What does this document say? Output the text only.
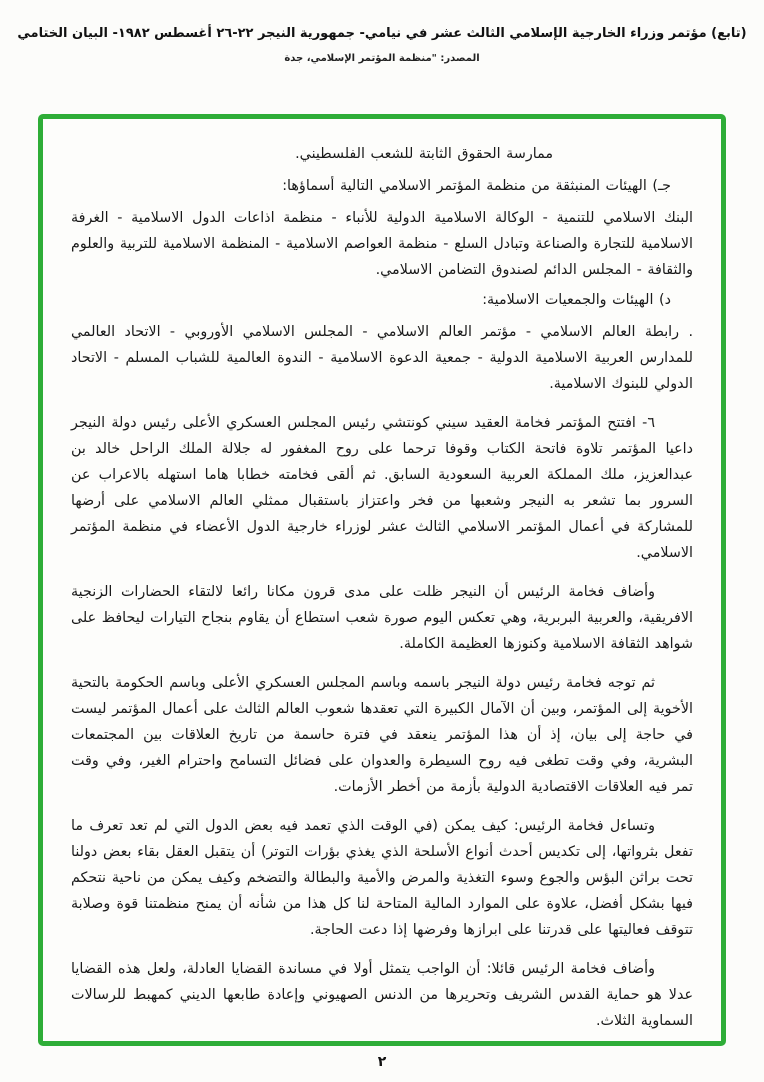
(تابع) مؤتمر وزراء الخارجية الإسلامي الثالث عشر في نيامي- جمهورية النيجر ٢٢-٢٦ أغسطس ١٩٨٢- البيان الختامي
المصدر: "منظمة المؤتمر الإسلامي، جدة

ممارسة الحقوق الثابتة للشعب الفلسطيني.

جـ) الهيئات المنبثقة من منظمة المؤتمر الاسلامي التالية أسماؤها:

البنك الاسلامي للتنمية - الوكالة الاسلامية الدولية للأنباء - منظمة اذاعات الدول الاسلامية - الغرفة الاسلامية للتجارة والصناعة وتبادل السلع - منظمة العواصم الاسلامية - المنظمة الاسلامية للتربية والعلوم والثقافة - المجلس الدائم لصندوق التضامن الاسلامي.

د) الهيئات والجمعيات الاسلامية:

. رابطة العالم الاسلامي - مؤتمر العالم الاسلامي - المجلس الاسلامي الأوروبي - الاتحاد العالمي للمدارس العربية الاسلامية الدولية - جمعية الدعوة الاسلامية - الندوة العالمية للشباب المسلم - الاتحاد الدولي للبنوك الاسلامية.

٦- افتتح المؤتمر فخامة العقيد سيني كونتشي رئيس المجلس العسكري الأعلى رئيس دولة النيجر داعيا المؤتمر تلاوة فاتحة الكتاب وقوفا ترحما على روح المغفور له جلالة الملك الراحل خالد بن عبدالعزيز، ملك المملكة العربية السعودية السابق. ثم ألقى فخامته خطابا هاما استهله بالاعراب عن السرور بما تشعر به النيجر وشعبها من فخر واعتزاز باستقبال ممثلي العالم الاسلامي على أرضها للمشاركة في أعمال المؤتمر الاسلامي الثالث عشر لوزراء خارجية الدول الأعضاء في منظمة المؤتمر الاسلامي.

وأضاف فخامة الرئيس أن النيجر ظلت على مدى قرون مكانا رائعا لالتقاء الحضارات الزنجية الافريقية، والعربية البربرية، وهي تعكس اليوم صورة شعب استطاع أن يقاوم بنجاح التيارات ليحافظ على شواهد الثقافة الاسلامية وكنوزها العظيمة الكاملة.

ثم توجه فخامة رئيس دولة النيجر باسمه وباسم المجلس العسكري الأعلى وباسم الحكومة بالتحية الأخوية إلى المؤتمر، وبين أن الآمال الكبيرة التي تعقدها شعوب العالم الثالث على أعمال المؤتمر ليست في حاجة إلى بيان، إذ أن هذا المؤتمر ينعقد في فترة حاسمة من تاريخ العلاقات بين المجتمعات البشرية، وفي وقت تطغى فيه روح السيطرة والعدوان على فضائل التسامح واحترام الغير، وفي وقت تمر فيه العلاقات الاقتصادية الدولية بأزمة من أخطر الأزمات.

وتساءل فخامة الرئيس: كيف يمكن (في الوقت الذي تعمد فيه بعض الدول التي لم تعد تعرف ما تفعل بثرواتها، إلى تكديس أحدث أنواع الأسلحة الذي يغذي بؤرات التوتر) أن يتقبل العقل بقاء بعض دولنا تحت براثن البؤس والجوع وسوء التغذية والمرض والأمية والبطالة والتضخم وكيف يمكن من ناحية نتحكم فيها بشكل أفضل، علاوة على الموارد المالية المتاحة لنا كل هذا من شأنه أن يمنح منظمتنا قوة وصلابة تتوقف فعاليتها على قدرتنا على ابرازها وفرضها إذا دعت الحاجة.

وأضاف فخامة الرئيس قائلا: أن الواجب يتمثل أولا في مساندة القضايا العادلة، ولعل هذه القضايا عدلا هو حماية القدس الشريف وتحريرها من الدنس الصهيوني وإعادة طابعها الديني كمهبط للرسالات السماوية الثلاث.

٢
